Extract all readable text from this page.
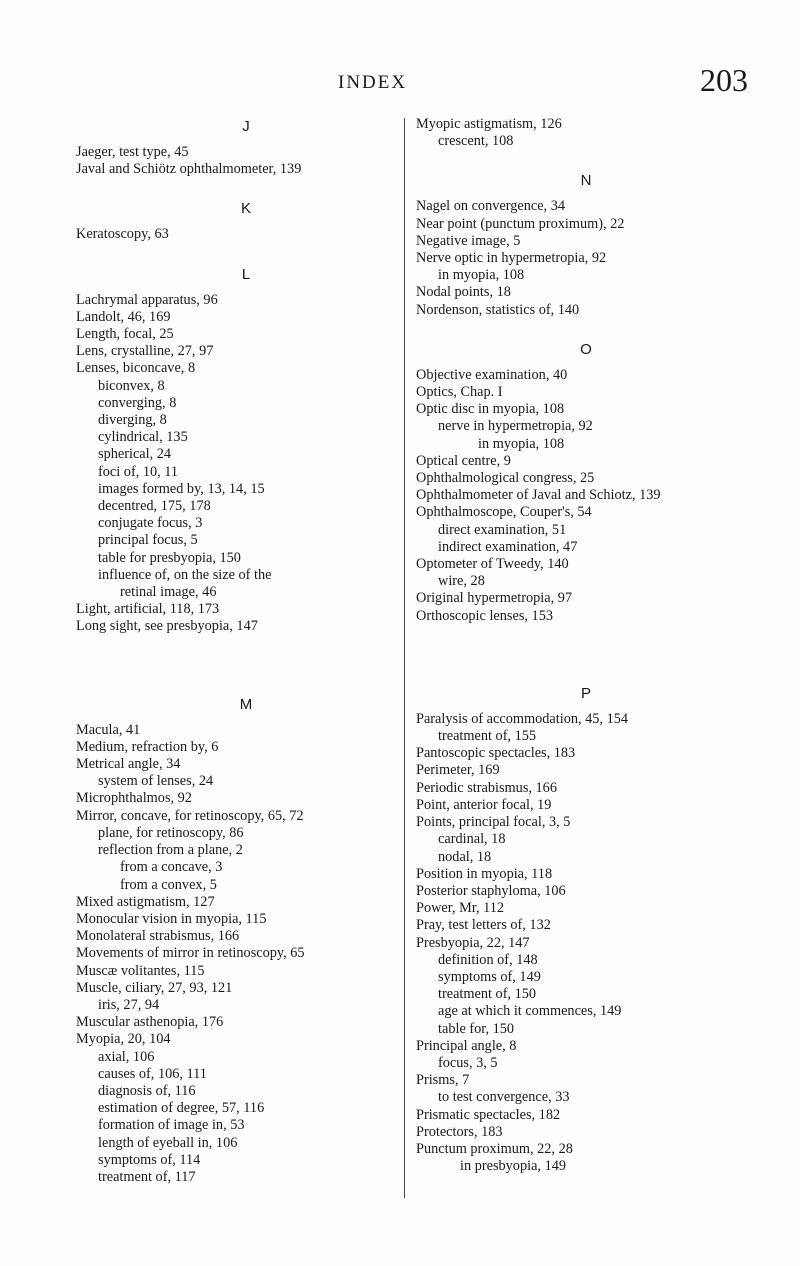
INDEX	203
J
Jaeger, test type, 45
Javal and Schiötz ophthalmometer, 139
K
Keratoscopy, 63
L
Lachrymal apparatus, 96
Landolt, 46, 169
Length, focal, 25
Lens, crystalline, 27, 97
Lenses, biconcave, 8
biconvex, 8
converging, 8
diverging, 8
cylindrical, 135
spherical, 24
foci of, 10, 11
images formed by, 13, 14, 15
decentred, 175, 178
conjugate focus, 3
principal focus, 5
table for presbyopia, 150
influence of, on the size of the
retinal image, 46
Light, artificial, 118, 173
Long sight, see presbyopia, 147
M
Macula, 41
Medium, refraction by, 6
Metrical angle, 34
system of lenses, 24
Microphthalmos, 92
Mirror, concave, for retinoscopy, 65, 72
plane, for retinoscopy, 86
reflection from a plane, 2
from a concave, 3
from a convex, 5
Mixed astigmatism, 127
Monocular vision in myopia, 115
Monolateral strabismus, 166
Movements of mirror in retinoscopy, 65
Muscæ volitantes, 115
Muscle, ciliary, 27, 93, 121
iris, 27, 94
Muscular asthenopia, 176
Myopia, 20, 104
axial, 106
causes of, 106, 111
diagnosis of, 116
estimation of degree, 57, 116
formation of image in, 53
length of eyeball in, 106
symptoms of, 114
treatment of, 117
Myopic astigmatism, 126
crescent, 108
N
Nagel on convergence, 34
Near point (punctum proximum), 22
Negative image, 5
Nerve optic in hypermetropia, 92
in myopia, 108
Nodal points, 18
Nordenson, statistics of, 140
O
Objective examination, 40
Optics, Chap. I
Optic disc in myopia, 108
nerve in hypermetropia, 92
in myopia, 108
Optical centre, 9
Ophthalmological congress, 25
Ophthalmometer of Javal and Schiotz, 139
Ophthalmoscope, Couper's, 54
direct examination, 51
indirect examination, 47
Optometer of Tweedy, 140
wire, 28
Original hypermetropia, 97
Orthoscopic lenses, 153
P
Paralysis of accommodation, 45, 154
treatment of, 155
Pantoscopic spectacles, 183
Perimeter, 169
Periodic strabismus, 166
Point, anterior focal, 19
Points, principal focal, 3, 5
cardinal, 18
nodal, 18
Position in myopia, 118
Posterior staphyloma, 106
Power, Mr, 112
Pray, test letters of, 132
Presbyopia, 22, 147
definition of, 148
symptoms of, 149
treatment of, 150
age at which it commences, 149
table for, 150
Principal angle, 8
focus, 3, 5
Prisms, 7
to test convergence, 33
Prismatic spectacles, 182
Protectors, 183
Punctum proximum, 22, 28
in presbyopia, 149
